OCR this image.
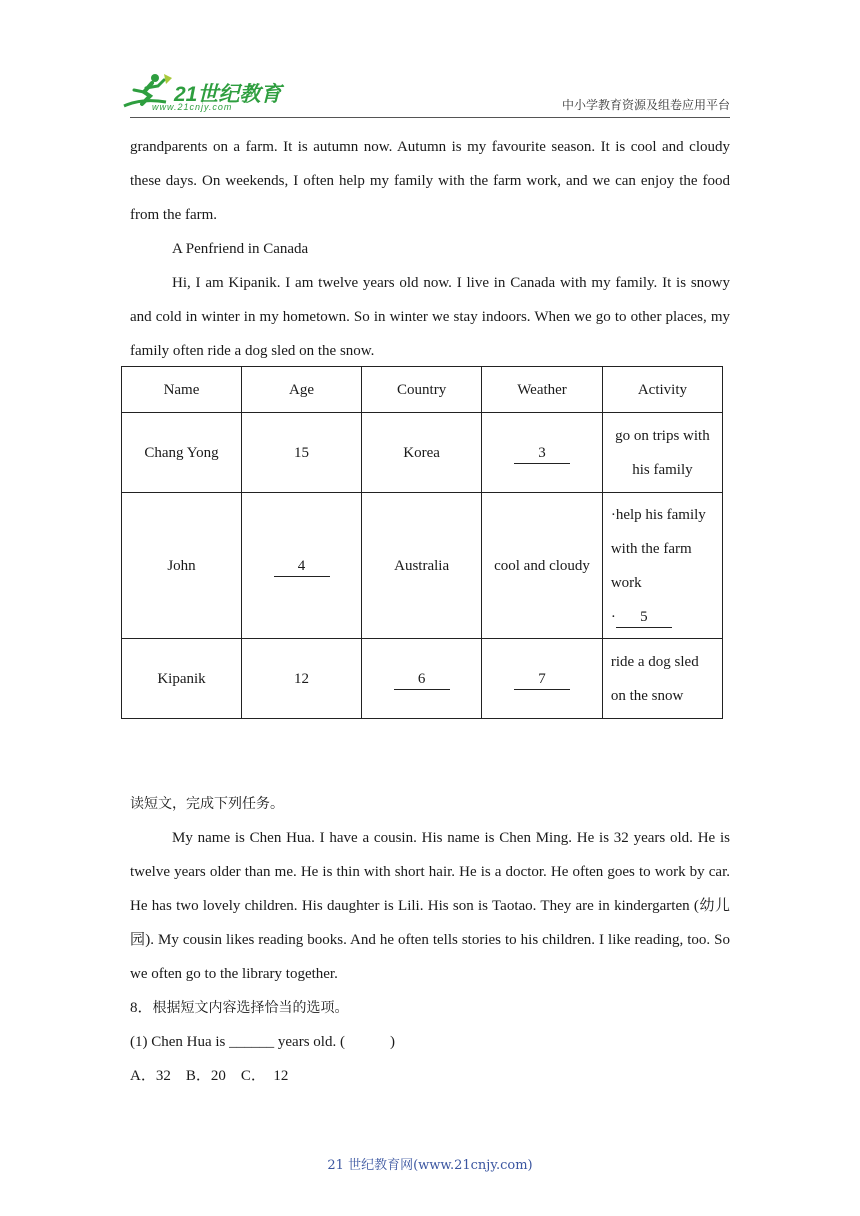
21世纪教育
www.21cnjy.com	中小学教育资源及组卷应用平台

grandparents on a farm. It is autumn now. Autumn is my favourite season. It is cool and cloudy these days. On weekends, I often help my family with the farm work, and we can enjoy the food from the farm.

A Penfriend in Canada

Hi, I am Kipanik. I am twelve years old now. I live in Canada with my family. It is snowy and cold in winter in my hometown. So in winter we stay indoors. When we go to other places, my family often ride a dog sled on the snow.

Name	Age	Country	Weather	Activity
Chang Yong	15	Korea	3	go on trips with
his family

John	4	Australia	cool and cloudy	·help his family
with the farm
work
· 5

Kipanik	12	6	7	ride a dog sled
on the snow

读短文，完成下列任务。

My name is Chen Hua. I have a cousin. His name is Chen Ming. He is 32 years old. He is twelve years older than me. He is thin with short hair. He is a doctor. He often goes to work by car. He has two lovely children. His daughter is Lili. His son is Taotao. They are in kindergarten (幼儿园). My cousin likes reading books. And he often tells stories to his children. I like reading, too. So we often go to the library together.

8．根据短文内容选择恰当的选项。

(1) Chen Hua is ______ years old. (            )

A．32    B．20    C．  12

21 世纪教育网(www.21cnjy.com)
